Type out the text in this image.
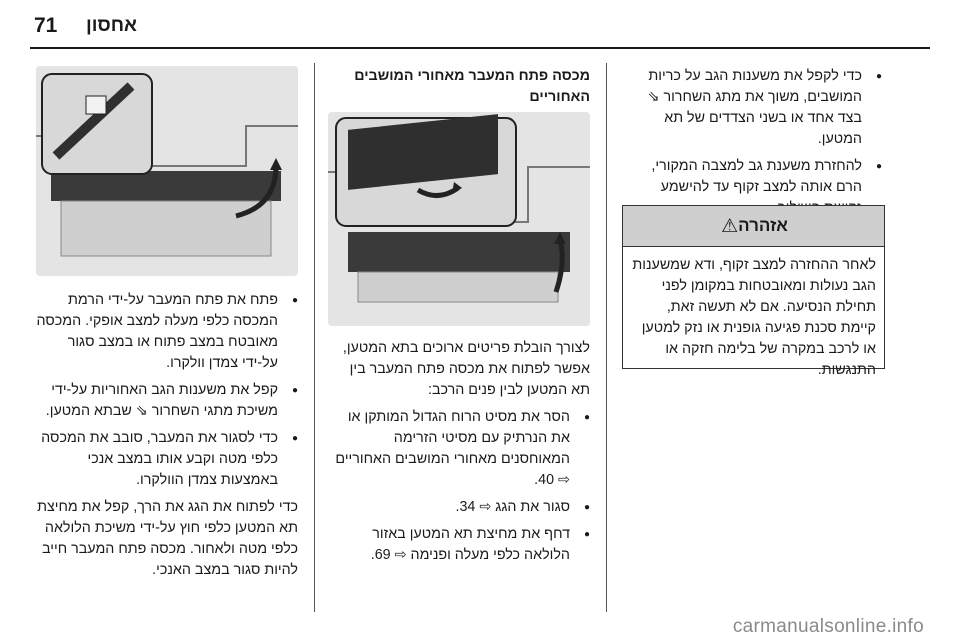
71 אחסון
● כדי לקפל את משענות הגב על כריות המושבים, משוך את מתג השחרור ⇘ בצד אחד או בשני הצדדים של תא המטען.
● להחזרת משענת גב למצבה המקורי, הרם אותה למצב זקוף עד להישמע
אזהרה
⚠
לאחר ההחזרה למצב זקוף, ודא שמשענות הגב נעולות ומאובטחות במקומן לפני תחילת הנסיעה. אם לא תעשה זאת, קיימת סכנת פגיעה גופנית או נזק למטען או לרכב במקרה של בלימה חזקה או התנגשות.
מכסה פתח המעבר מאחורי המושבים האחוריים

לצורך הובלת פריטים ארוכים בתא המטען, אפשר לפתוח את מכסה פתח המעבר בין תא המטען לבין פנים הרכב:

● הסר את מסיט הרוח הגדול המותקן או את הנרתיק עם מסיטי הזרימה המאוחסנים מאחורי המושבים האחוריים ⇨ 40.
● סגור את הגג ⇨ 34.
● דחף את מחיצת תא המטען באזור הלולאה כלפי מעלה ופנימה ⇨ 69.
● פתח את פתח המעבר על-ידי הרמת המכסה כלפי מעלה למצב אופקי. המכסה מאובטח במצב פתוח או במצב סגור על-ידי צמדן וולקרו.
● קפל את משענות הגב האחוריות על-ידי משיכת מתגי השחרור ⇘ שבתא המטען.
● כדי לסגור את המעבר, סובב את המכסה כלפי מטה וקבע אותו במצב אנכי באמצעות צמדן הוולקרו.

כדי לפתוח את הגג את הרך, קפל את מחיצת תא המטען כלפי חוץ על-ידי משיכת הלולאה כלפי מטה ולאחור. מכסה פתח המעבר חייב להיות סגור במצב האנכי.

carmanualsonline.info
